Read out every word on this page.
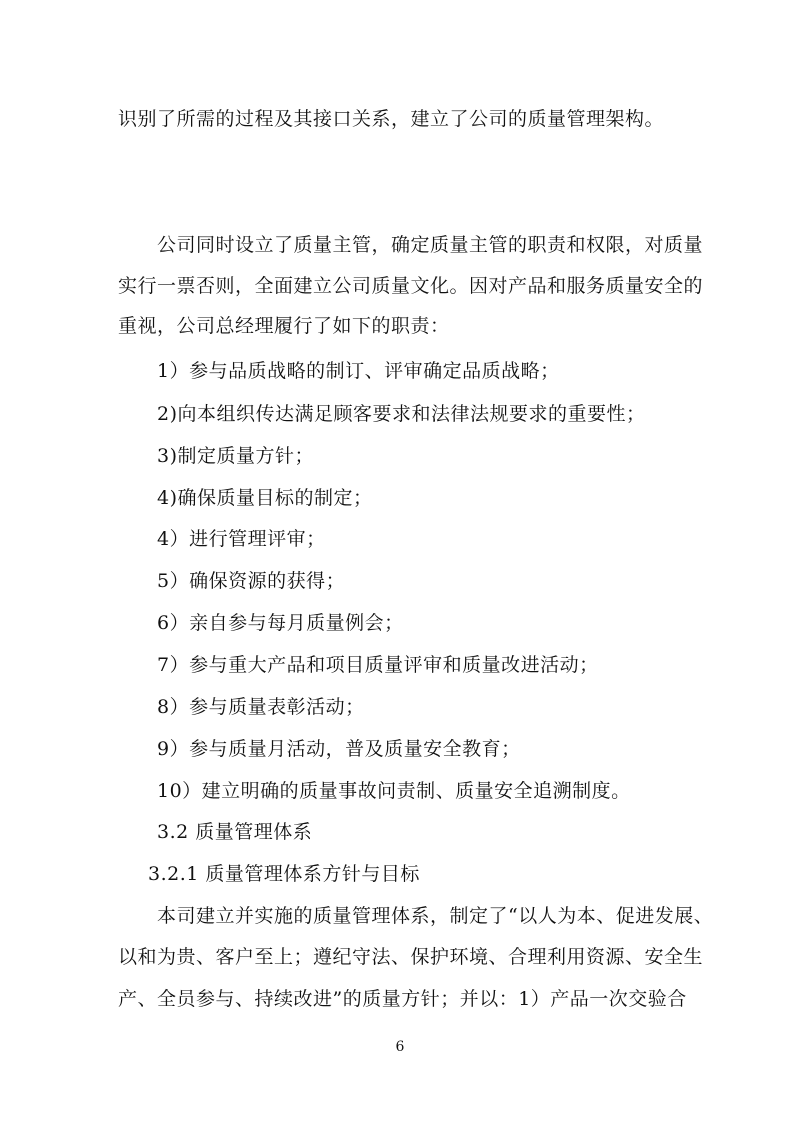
识别了所需的过程及其接口关系，建立了公司的质量管理架构。
公司同时设立了质量主管，确定质量主管的职责和权限，对质量
实行一票否则，全面建立公司质量文化。因对产品和服务质量安全的
重视，公司总经理履行了如下的职责：
1）参与品质战略的制订、评审确定品质战略；
2)向本组织传达满足顾客要求和法律法规要求的重要性；
3)制定质量方针；
4)确保质量目标的制定；
4）进行管理评审；
5）确保资源的获得；
6）亲自参与每月质量例会；
7）参与重大产品和项目质量评审和质量改进活动；
8）参与质量表彰活动；
9）参与质量月活动，普及质量安全教育；
10）建立明确的质量事故问责制、质量安全追溯制度。
3.2 质量管理体系
3.2.1 质量管理体系方针与目标
本司建立并实施的质量管理体系，制定了“以人为本、促进发展、
以和为贵、客户至上；遵纪守法、保护环境、合理利用资源、安全生
产、全员参与、持续改进”的质量方针；并以：1）产品一次交验合
6
